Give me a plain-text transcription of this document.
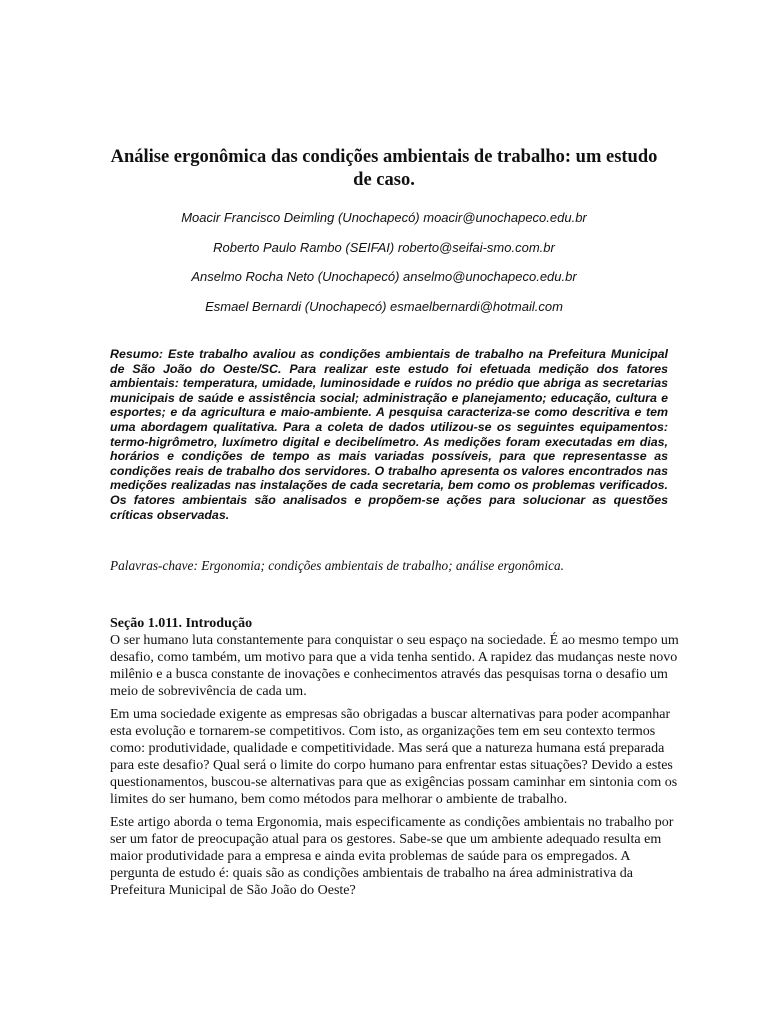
Análise ergonômica das condições ambientais de trabalho: um estudo de caso.
Moacir Francisco Deimling (Unochapecó) moacir@unochapeco.edu.br
Roberto Paulo Rambo (SEIFAI) roberto@seifai-smo.com.br
Anselmo Rocha Neto (Unochapecó) anselmo@unochapeco.edu.br
Esmael Bernardi (Unochapecó) esmaelbernardi@hotmail.com
Resumo: Este trabalho avaliou as condições ambientais de trabalho na Prefeitura Municipal de São João do Oeste/SC. Para realizar este estudo foi efetuada medição dos fatores ambientais: temperatura, umidade, luminosidade e ruídos no prédio que abriga as secretarias municipais de saúde e assistência social; administração e planejamento; educação, cultura e esportes; e da agricultura e maio-ambiente. A pesquisa caracteriza-se como descritiva e tem uma abordagem qualitativa. Para a coleta de dados utilizou-se os seguintes equipamentos: termo-higrômetro, luxímetro digital e decibelímetro. As medições foram executadas em dias, horários e condições de tempo as mais variadas possíveis, para que representasse as condições reais de trabalho dos servidores. O trabalho apresenta os valores encontrados nas medições realizadas nas instalações de cada secretaria, bem como os problemas verificados. Os fatores ambientais são analisados e propõem-se ações para solucionar as questões críticas observadas.
Palavras-chave: Ergonomia; condições ambientais de trabalho; análise ergonômica.
Seção 1.011. Introdução

O ser humano luta constantemente para conquistar o seu espaço na sociedade. É ao mesmo tempo um desafio, como também, um motivo para que a vida tenha sentido. A rapidez das mudanças neste novo milênio e a busca constante de inovações e conhecimentos através das pesquisas torna o desafio um meio de sobrevivência de cada um.

Em uma sociedade exigente as empresas são obrigadas a buscar alternativas para poder acompanhar esta evolução e tornarem-se competitivos. Com isto, as organizações tem em seu contexto termos como: produtividade, qualidade e competitividade. Mas será que a natureza humana está preparada para este desafio? Qual será o limite do corpo humano para enfrentar estas situações? Devido a estes questionamentos, buscou-se alternativas para que as exigências possam caminhar em sintonia com os limites do ser humano, bem como métodos para melhorar o ambiente de trabalho.

Este artigo aborda o tema Ergonomia, mais especificamente as condições ambientais no trabalho por ser um fator de preocupação atual para os gestores. Sabe-se que um ambiente adequado resulta em maior produtividade para a empresa e ainda evita problemas de saúde para os empregados. A pergunta de estudo é: quais são as condições ambientais de trabalho na área administrativa da Prefeitura Municipal de São João do Oeste?
